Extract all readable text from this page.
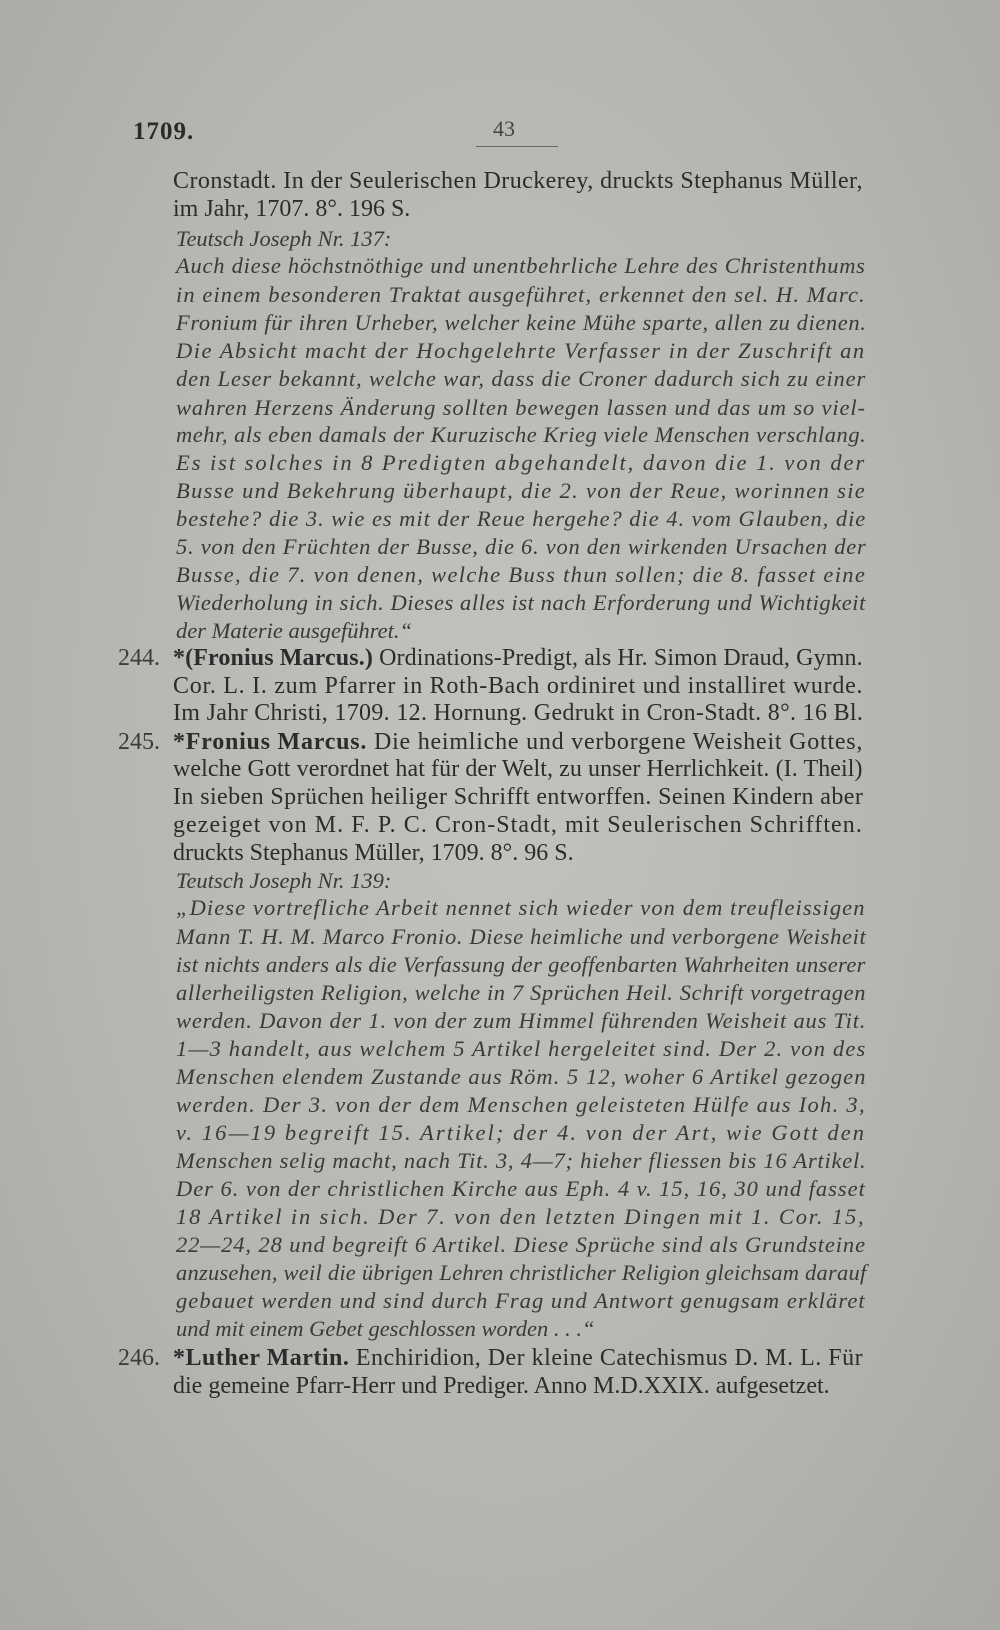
1709.	43
Cronstadt. In der Seulerischen Druckerey, druckts Stephanus Müller,
im Jahr, 1707. 8°. 196 S.
Teutsch Joseph Nr. 137:
Auch diese höchstnöthige und unentbehrliche Lehre des Christenthums
in einem besonderen Traktat ausgeführet, erkennet den sel. H. Marc.
Fronium für ihren Urheber, welcher keine Mühe sparte, allen zu dienen.
Die Absicht macht der Hochgelehrte Verfasser in der Zuschrift an
den Leser bekannt, welche war, dass die Croner dadurch sich zu einer
wahren Herzens Änderung sollten bewegen lassen und das um so viel-
mehr, als eben damals der Kuruzische Krieg viele Menschen verschlang.
Es ist solches in 8 Predigten abgehandelt, davon die 1. von der
Busse und Bekehrung überhaupt, die 2. von der Reue, worinnen sie
bestehe? die 3. wie es mit der Reue hergehe? die 4. vom Glauben, die
5. von den Früchten der Busse, die 6. von den wirkenden Ursachen der
Busse, die 7. von denen, welche Buss thun sollen; die 8. fasset eine
Wiederholung in sich. Dieses alles ist nach Erforderung und Wichtigkeit
der Materie ausgeführet.“
244. *(Fronius Marcus.) Ordinations-Predigt, als Hr. Simon Draud, Gymn.
Cor. L. I. zum Pfarrer in Roth-Bach ordiniret und installiret wurde.
Im Jahr Christi, 1709. 12. Hornung. Gedrukt in Cron-Stadt. 8°. 16 Bl.
245. *Fronius Marcus. Die heimliche und verborgene Weisheit Gottes,
welche Gott verordnet hat für der Welt, zu unser Herrlichkeit. (I. Theil)
In sieben Sprüchen heiliger Schrifft entworffen. Seinen Kindern aber
gezeiget von M. F. P. C. Cron-Stadt, mit Seulerischen Schrifften.
druckts Stephanus Müller, 1709. 8°. 96 S.
Teutsch Joseph Nr. 139:
„Diese vortrefliche Arbeit nennet sich wieder von dem treufleissigen
Mann T. H. M. Marco Fronio. Diese heimliche und verborgene Weisheit
ist nichts anders als die Verfassung der geoffenbarten Wahrheiten unserer
allerheiligsten Religion, welche in 7 Sprüchen Heil. Schrift vorgetragen
werden. Davon der 1. von der zum Himmel führenden Weisheit aus Tit.
1—3 handelt, aus welchem 5 Artikel hergeleitet sind. Der 2. von des
Menschen elendem Zustande aus Röm. 5 12, woher 6 Artikel gezogen
werden. Der 3. von der dem Menschen geleisteten Hülfe aus Ioh. 3,
v. 16—19 begreift 15. Artikel; der 4. von der Art, wie Gott den
Menschen selig macht, nach Tit. 3, 4—7; hieher fliessen bis 16 Artikel.
Der 6. von der christlichen Kirche aus Eph. 4 v. 15, 16, 30 und fasset
18 Artikel in sich. Der 7. von den letzten Dingen mit 1. Cor. 15,
22—24, 28 und begreift 6 Artikel. Diese Sprüche sind als Grundsteine
anzusehen, weil die übrigen Lehren christlicher Religion gleichsam darauf
gebauet werden und sind durch Frag und Antwort genugsam erkläret
und mit einem Gebet geschlossen worden . . .“
246. *Luther Martin. Enchiridion, Der kleine Catechismus D. M. L. Für
die gemeine Pfarr-Herr und Prediger. Anno M.D.XXIX. aufgesetzet.
